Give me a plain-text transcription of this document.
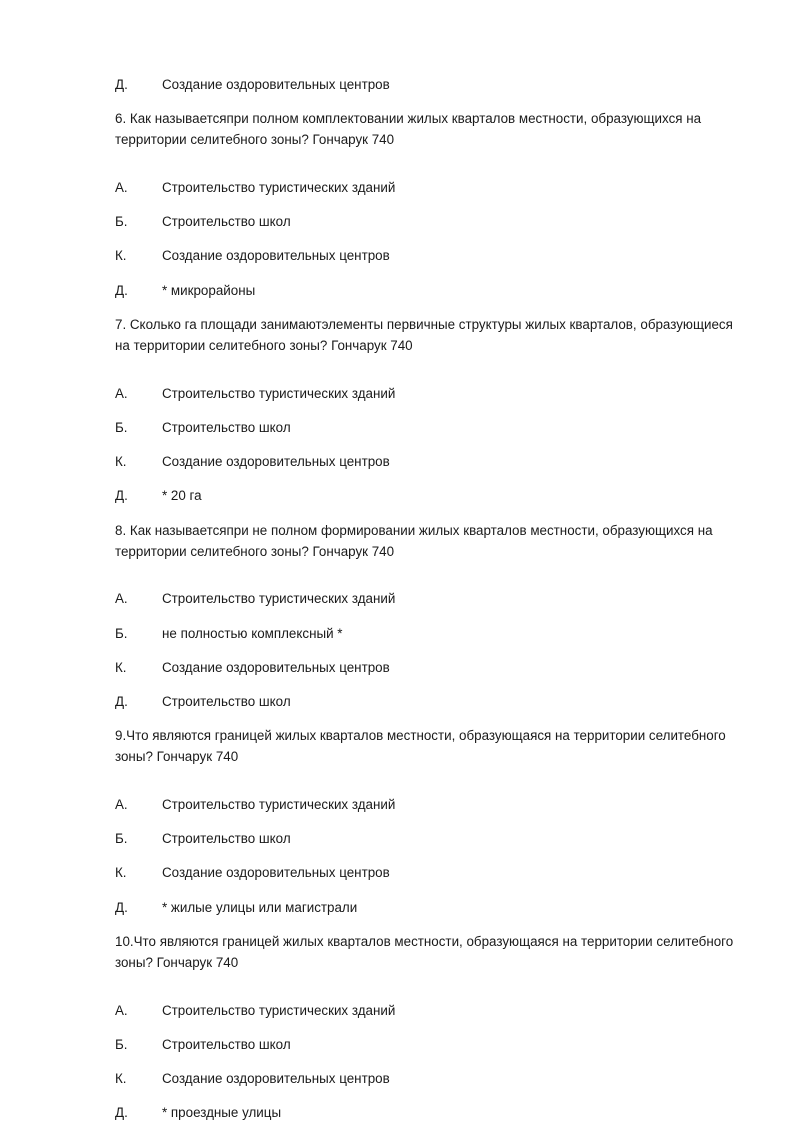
Д.	Создание оздоровительных центров
6. Как называетсяпри полном комплектовании жилых кварталов местности, образующихся на
территории селитебного зоны? Гончарук 740
А.	Строительство туристических зданий
Б.	Строительство школ
К.	Создание оздоровительных центров
Д.	* микрорайоны
7. Сколько га площади занимаютэлементы первичные структуры жилых кварталов, образующиеся
на территории селитебного зоны? Гончарук 740
А.	Строительство туристических зданий
Б.	Строительство школ
К.	Создание оздоровительных центров
Д.	* 20 га
8. Как называетсяпри не полном формировании жилых кварталов местности, образующихся на
территории селитебного зоны? Гончарук 740
А.	Строительство туристических зданий
Б.	не полностью комплексный *
К.	Создание оздоровительных центров
Д.	Строительство школ
9.Что являются границей жилых кварталов местности, образующаяся на территории селитебного
зоны? Гончарук 740
А.	Строительство туристических зданий
Б.	Строительство школ
К.	Создание оздоровительных центров
Д.	* жилые улицы или магистрали
10.Что являются границей жилых кварталов местности, образующаяся на территории селитебного
зоны? Гончарук 740
А.	Строительство туристических зданий
Б.	Строительство школ
К.	Создание оздоровительных центров
Д.	* проездные улицы
